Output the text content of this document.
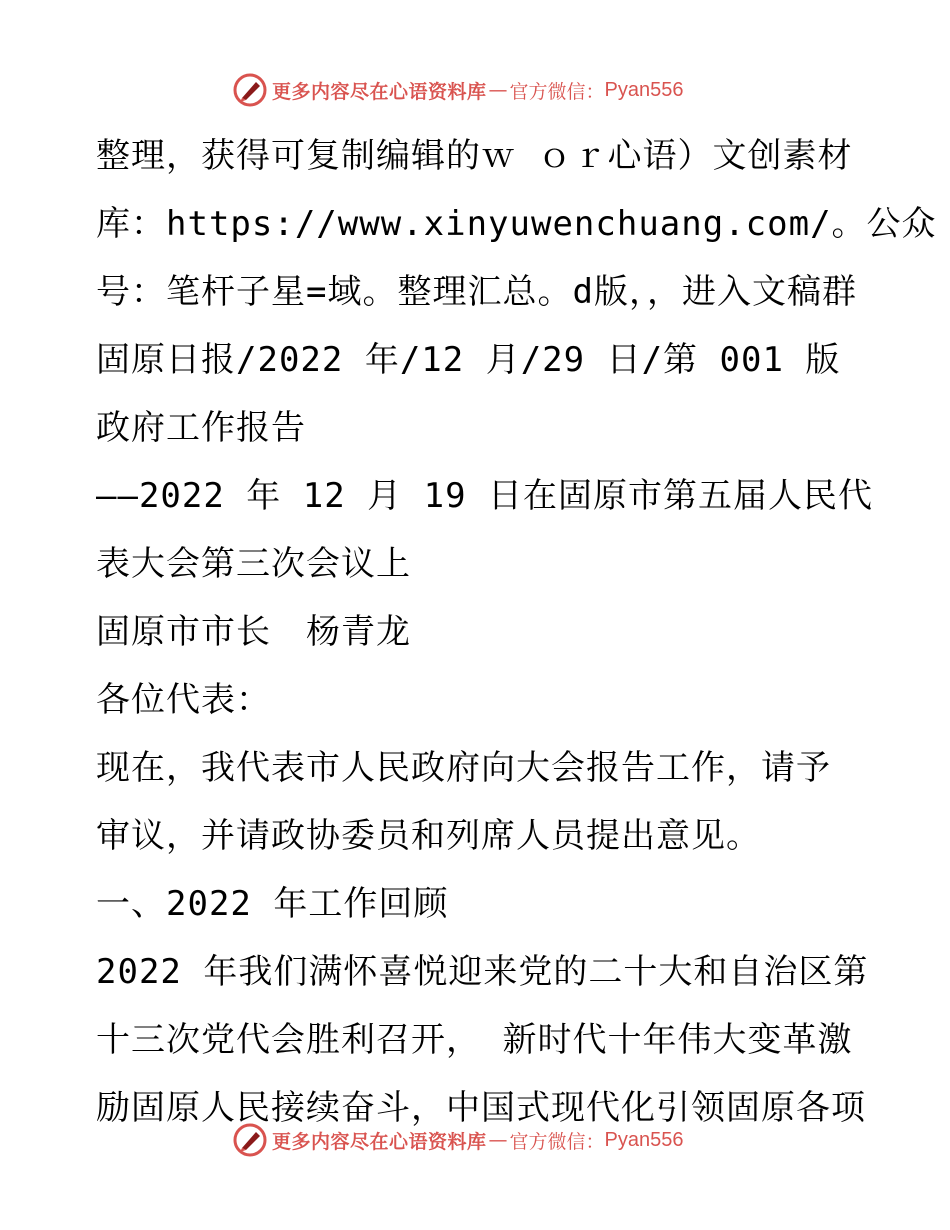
更多内容尽在心语资料库 — 官方微信： Pyan556
整理，获得可复制编辑的ｗ ｏｒ心语）文创素材
库：https://www.xinyuwenchuang.com/。公众
号：笔杆子星=域。整理汇总。d版，，进入文稿群
固原日报/2022 年/12 月/29 日/第 001 版
政府工作报告
——2022 年 12 月 19 日在固原市第五届人民代
表大会第三次会议上
固原市市长　杨青龙
各位代表：
现在，我代表市人民政府向大会报告工作，请予
审议，并请政协委员和列席人员提出意见。
一、2022 年工作回顾
2022 年我们满怀喜悦迎来党的二十大和自治区第
十三次党代会胜利召开， 新时代十年伟大变革激
励固原人民接续奋斗，中国式现代化引领固原各项
更多内容尽在心语资料库 — 官方微信： Pyan556
